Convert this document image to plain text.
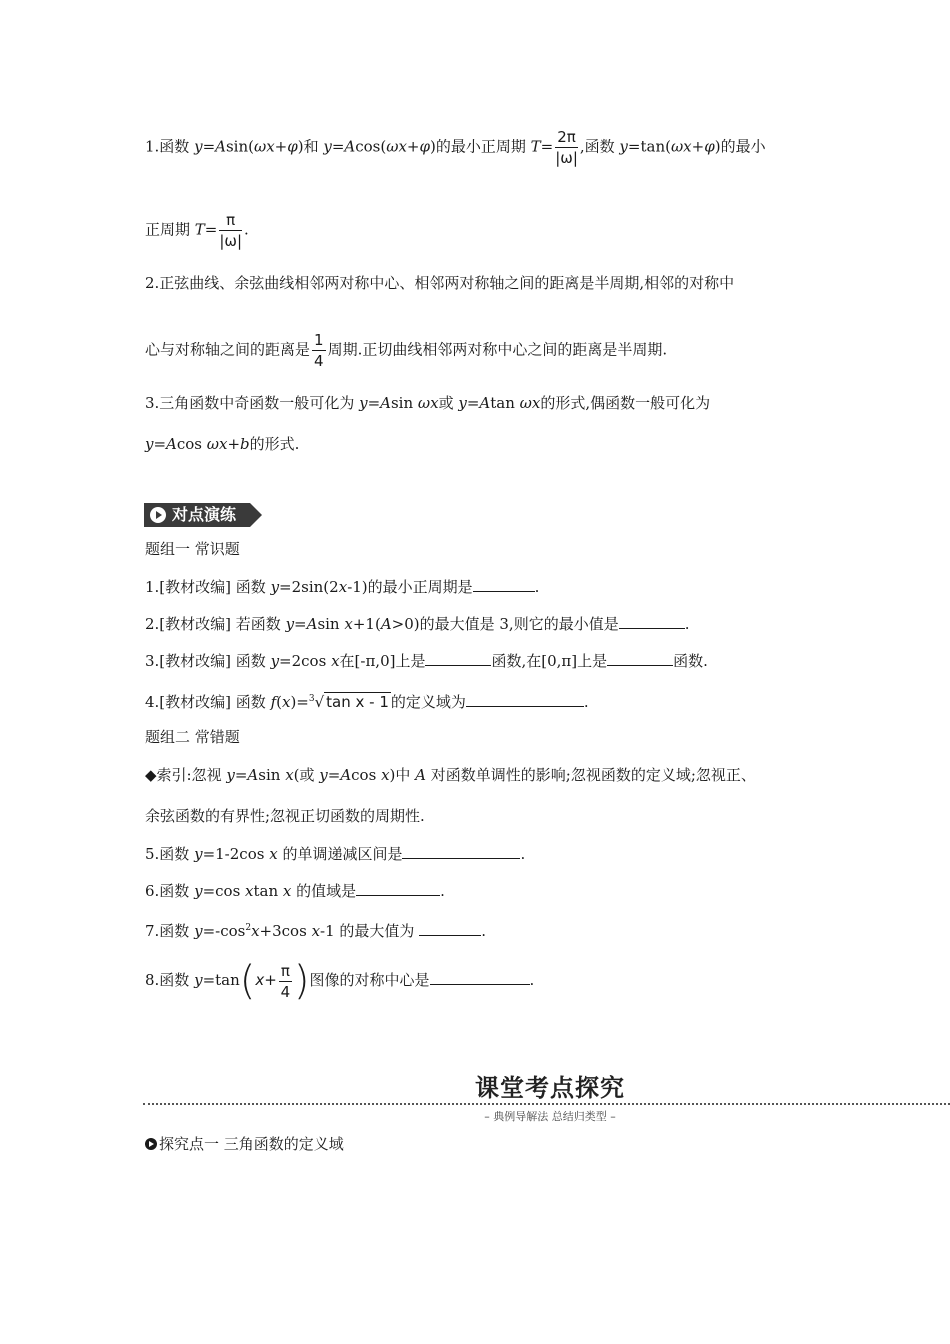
1.函数 y=Asin(ωx+φ)和 y=Acos(ωx+φ)的最小正周期 $T= \frac{2\pi}{|\omega|}$ ,函数 y=tan(ωx+φ)的最小
正周期 $T= \frac{\pi}{|\omega|}$ .
2.正弦曲线、余弦曲线相邻两对称中心、相邻两对称轴之间的距离是半周期,相邻的对称中
心与对称轴之间的距离是 $\frac{1}{4}$ 周期.正切曲线相邻两对称中心之间的距离是半周期.
3.三角函数中奇函数一般可化为 y=Asin ωx或 y=Atan ωx的形式,偶函数一般可化为
y=Acos ωx+b的形式.
对点演练
题组一 常识题
1.[教材改编] 函数 y=2sin(2x-1)的最小正周期是	.
2.[教材改编] 若函数 y=Asin x+1(A>0)的最大值是 3,则它的最小值是	.
3.[教材改编] 函数 y=2cos x在[-π,0]上是	函数,在[0,π]上是	函数.
4.[教材改编] 函数 f(x)=$^3$√ tan x - 1 的定义域为	.
题组二 常错题
◆索引:忽视 y=Asin x(或 y=Acos x)中 A 对函数单调性的影响;忽视函数的定义域;忽视正、
余弦函数的有界性;忽视正切函数的周期性.
5.函数 y=1-2cos x 的单调递减区间是	.
6.函数 y=cos xtan x 的值域是	.
7.函数 $y=-\cos^2x+3\cos$ x-1 的最大值为	.
8.函数 $y=\tan(x+ \frac{\pi}{4}$ )图像的对称中心是	.
课堂考点探究
– 典例导解法 总结归类型 –
探究点一 三角函数的定义域
